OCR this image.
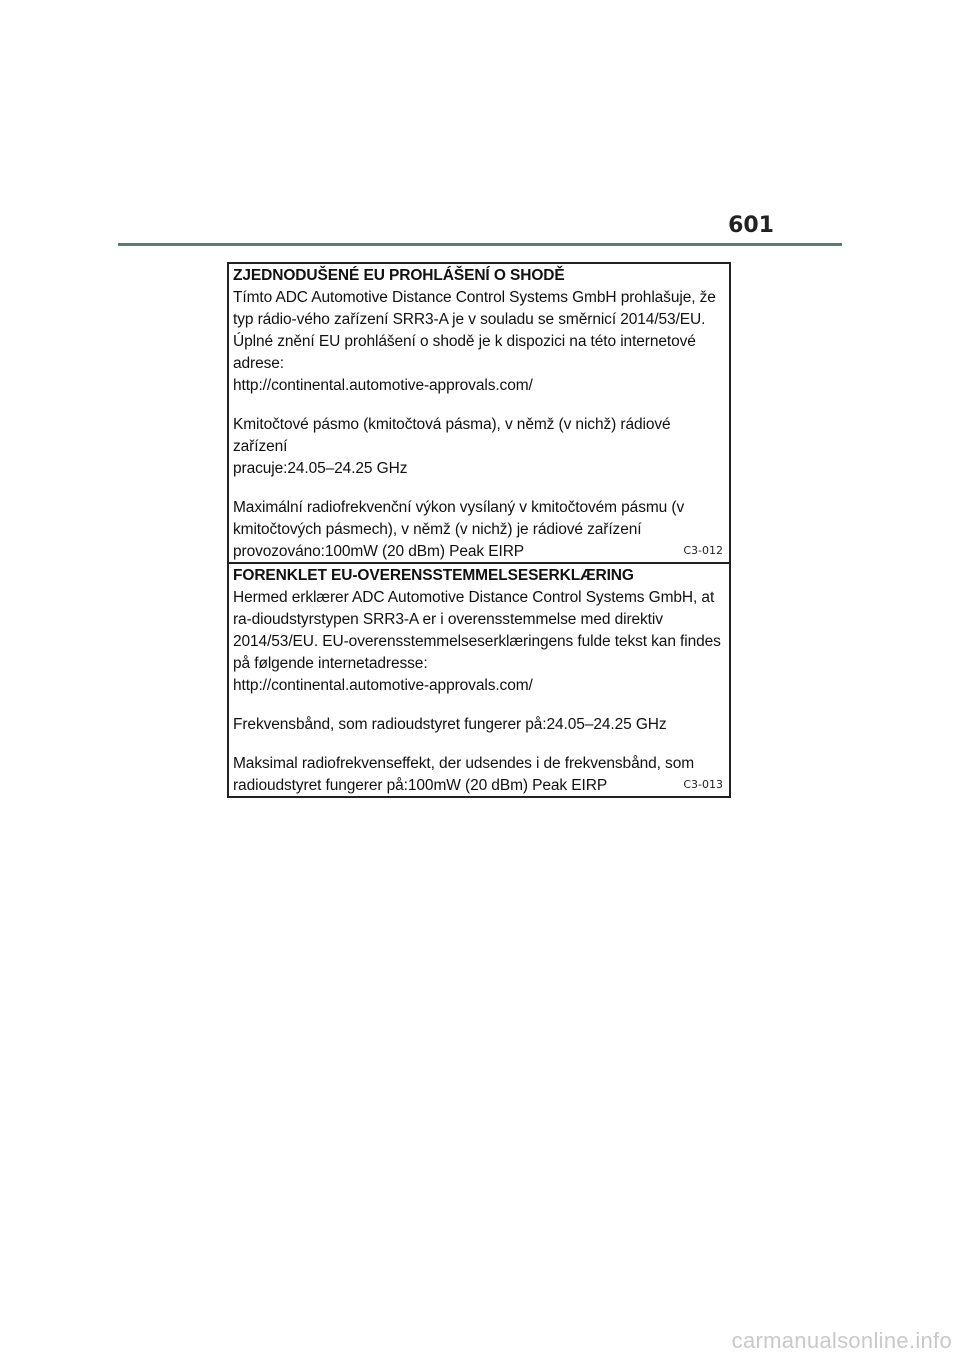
601
ZJEDNODUŠENÉ EU PROHLÁŠENÍ O SHODĚ

Tímto ADC Automotive Distance Control Systems GmbH prohlašuje, že

typ rádio-vého zařízení SRR3-A je v souladu se směrnicí 2014/53/EU.

Úplné znění EU prohlášení o shodě je k dispozici na této internetové

adrese:

http://continental.automotive-approvals.com/

Kmitočtové pásmo (kmitočtová pásma), v němž (v nichž) rádiové zařízení

pracuje:24.05–24.25 GHz

Maximální radiofrekvenční výkon vysílaný v kmitočtovém pásmu (v

kmitočtových pásmech), v němž (v nichž) je rádiové zařízení

provozováno:100mW (20 dBm) Peak EIRP	C3-012
FORENKLET EU-OVERENSSTEMMELSESERKLÆRING

Hermed erklærer ADC Automotive Distance Control Systems GmbH, at

ra-dioudstyrstypen SRR3-A er i overensstemmelse med direktiv

2014/53/EU. EU-overensstemmelseserklæringens fulde tekst kan findes

på følgende internetadresse:

http://continental.automotive-approvals.com/

Frekvensbånd, som radioudstyret fungerer på:24.05–24.25 GHz

Maksimal radiofrekvenseffekt, der udsendes i de frekvensbånd, som

radioudstyret fungerer på:100mW (20 dBm) Peak EIRP	C3-013
carmanualsonline.info
